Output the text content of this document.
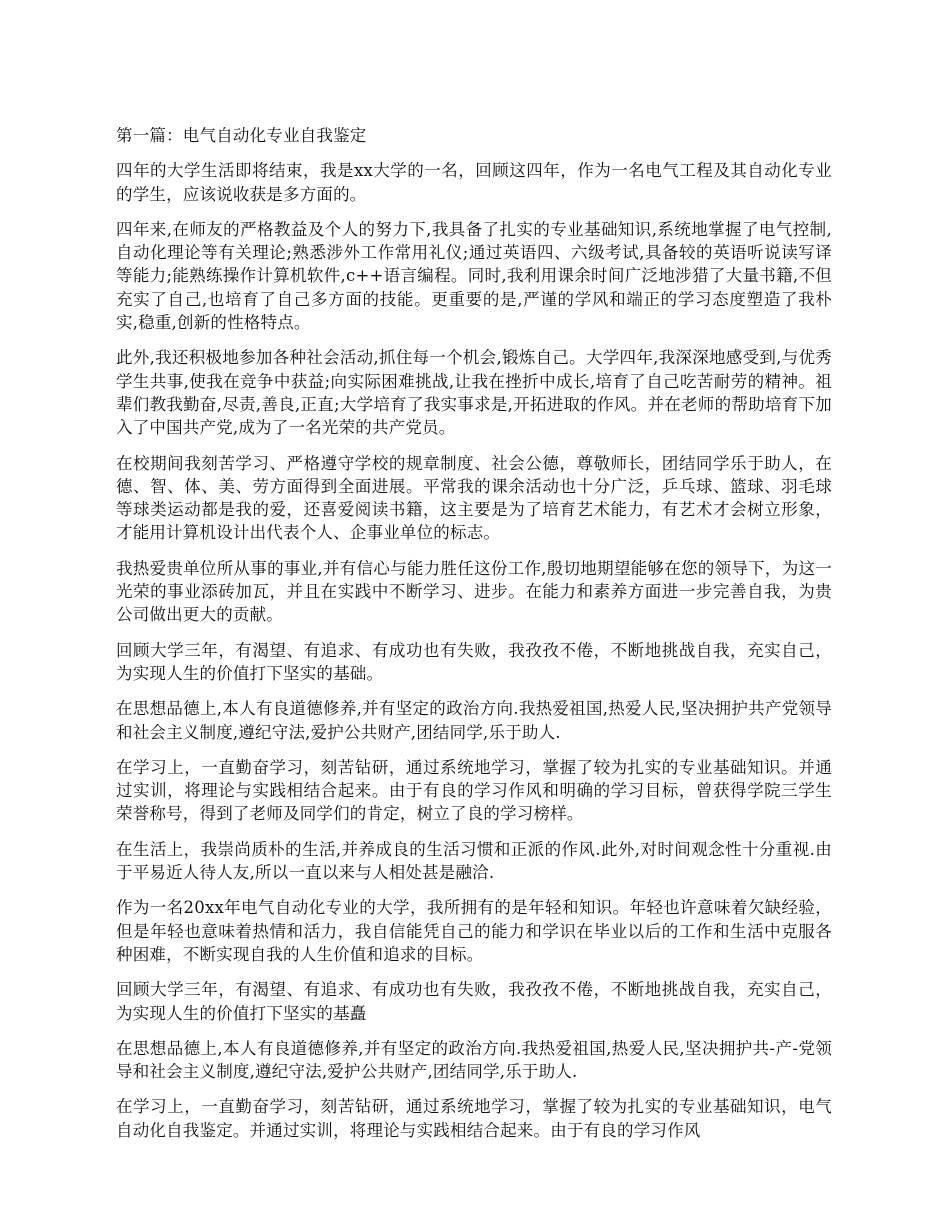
第一篇：电气自动化专业自我鉴定

四年的大学生活即将结束，我是xx大学的一名，回顾这四年，作为一名电气工程及其自动化专业的学生，应该说收获是多方面的。

四年来,在师友的严格教益及个人的努力下,我具备了扎实的专业基础知识,系统地掌握了电气控制,自动化理论等有关理论;熟悉涉外工作常用礼仪;通过英语四、六级考试,具备较的英语听说读写译等能力;能熟练操作计算机软件,c++语言编程。同时,我利用课余时间广泛地涉猎了大量书籍,不但充实了自己,也培育了自己多方面的技能。更重要的是,严谨的学风和端正的学习态度塑造了我朴实,稳重,创新的性格特点。

此外,我还积极地参加各种社会活动,抓住每一个机会,锻炼自己。大学四年,我深深地感受到,与优秀学生共事,使我在竞争中获益;向实际困难挑战,让我在挫折中成长,培育了自己吃苦耐劳的精神。祖辈们教我勤奋,尽责,善良,正直;大学培育了我实事求是,开拓进取的作风。并在老师的帮助培育下加入了中国共产党,成为了一名光荣的共产党员。

在校期间我刻苦学习、严格遵守学校的规章制度、社会公德，尊敬师长，团结同学乐于助人，在德、智、体、美、劳方面得到全面进展。平常我的课余活动也十分广泛，乒乓球、篮球、羽毛球等球类运动都是我的爱，还喜爱阅读书籍，这主要是为了培育艺术能力，有艺术才会树立形象，才能用计算机设计出代表个人、企事业单位的标志。

我热爱贵单位所从事的事业,并有信心与能力胜任这份工作,殷切地期望能够在您的领导下，为这一光荣的事业添砖加瓦，并且在实践中不断学习、进步。在能力和素养方面进一步完善自我，为贵公司做出更大的贡献。

回顾大学三年，有渴望、有追求、有成功也有失败，我孜孜不倦，不断地挑战自我，充实自己，为实现人生的价值打下坚实的基础。

在思想品德上,本人有良道德修养,并有坚定的政治方向.我热爱祖国,热爱人民,坚决拥护共产党领导和社会主义制度,遵纪守法,爱护公共财产,团结同学,乐于助人.

在学习上，一直勤奋学习，刻苦钻研，通过系统地学习，掌握了较为扎实的专业基础知识。并通过实训，将理论与实践相结合起来。由于有良的学习作风和明确的学习目标，曾获得学院三学生荣誉称号，得到了老师及同学们的肯定，树立了良的学习榜样。

在生活上，我崇尚质朴的生活,并养成良的生活习惯和正派的作风.此外,对时间观念性十分重视.由于平易近人待人友,所以一直以来与人相处甚是融洽.

作为一名20xx年电气自动化专业的大学，我所拥有的是年轻和知识。年轻也许意味着欠缺经验，但是年轻也意味着热情和活力，我自信能凭自己的能力和学识在毕业以后的工作和生活中克服各种困难，不断实现自我的人生价值和追求的目标。

回顾大学三年，有渴望、有追求、有成功也有失败，我孜孜不倦，不断地挑战自我，充实自己，为实现人生的价值打下坚实的基矗

在思想品德上,本人有良道德修养,并有坚定的政治方向.我热爱祖国,热爱人民,坚决拥护共-产-党领导和社会主义制度,遵纪守法,爱护公共财产,团结同学,乐于助人.

在学习上，一直勤奋学习，刻苦钻研，通过系统地学习，掌握了较为扎实的专业基础知识，电气自动化自我鉴定。并通过实训，将理论与实践相结合起来。由于有良的学习作风
